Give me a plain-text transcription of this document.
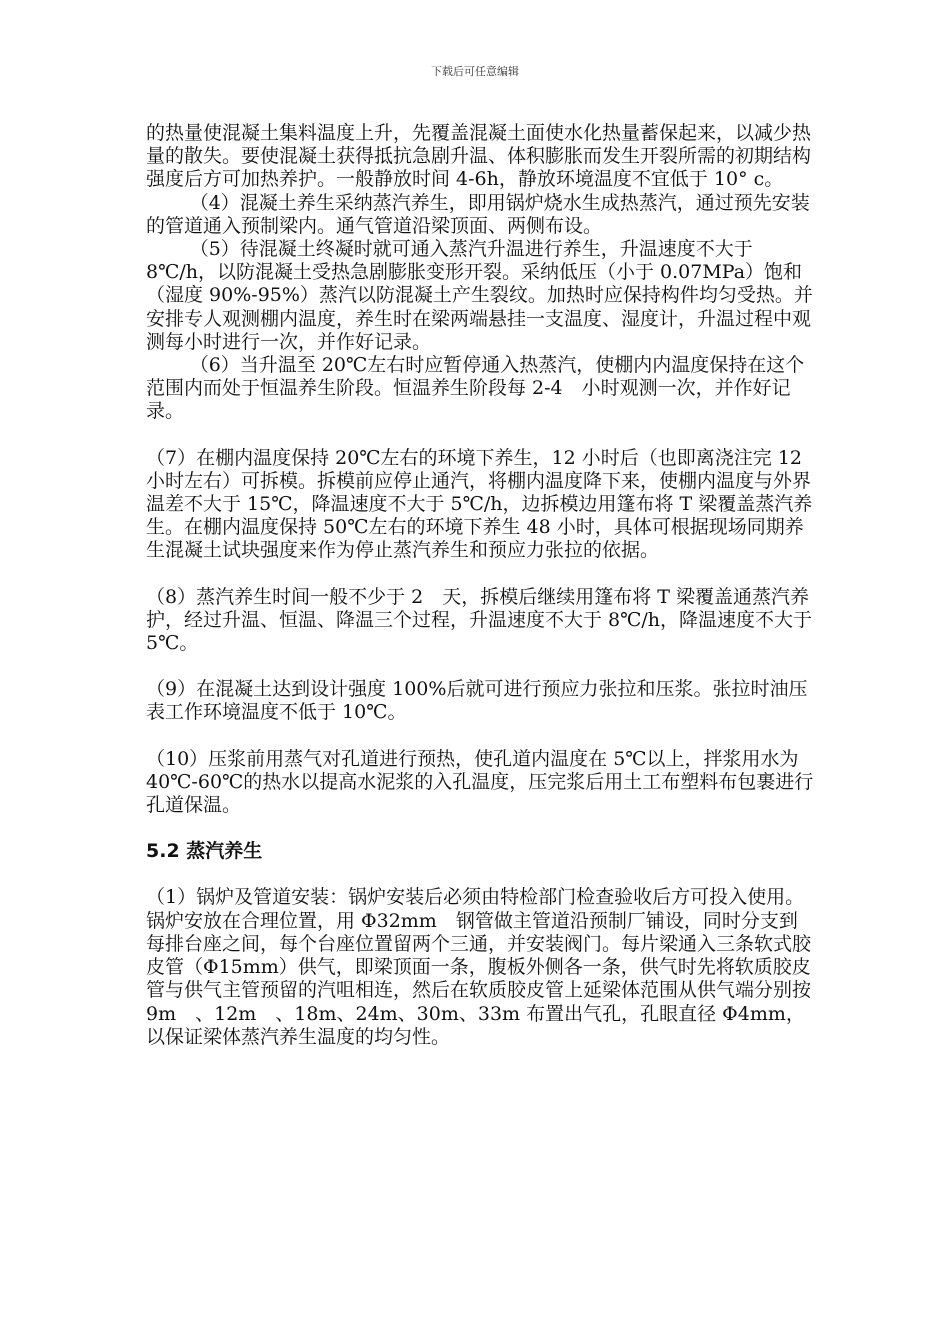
下载后可任意编辑

的热量使混凝土集料温度上升，先覆盖混凝土面使水化热量蓄保起来，以减少热量的散失。要使混凝土获得抵抗急剧升温、体积膨胀而发生开裂所需的初期结构强度后方可加热养护。一般静放时间 4-6h，静放环境温度不宜低于 10° c。

（4）混凝土养生采纳蒸汽养生，即用锅炉烧水生成热蒸汽，通过预先安装的管道通入预制梁内。通气管道沿梁顶面、两侧布设。

（5）待混凝土终凝时就可通入蒸汽升温进行养生，升温速度不大于 8℃/h，以防混凝土受热急剧膨胀变形开裂。采纳低压（小于 0.07MPa）饱和（湿度 90%-95%）蒸汽以防混凝土产生裂纹。加热时应保持构件均匀受热。并安排专人观测棚内温度，养生时在梁两端悬挂一支温度、湿度计，升温过程中观测每小时进行一次，并作好记录。

（6）当升温至 20℃左右时应暂停通入热蒸汽，使棚内内温度保持在这个范围内而处于恒温养生阶段。恒温养生阶段每 2-4　小时观测一次，并作好记录。

（7）在棚内温度保持 20℃左右的环境下养生，12 小时后（也即离浇注完 12 小时左右）可拆模。拆模前应停止通汽，将棚内温度降下来，使棚内温度与外界温差不大于 15℃，降温速度不大于 5℃/h，边拆模边用篷布将 T 梁覆盖蒸汽养生。在棚内温度保持 50℃左右的环境下养生 48 小时，具体可根据现场同期养生混凝土试块强度来作为停止蒸汽养生和预应力张拉的依据。

（8）蒸汽养生时间一般不少于 2　天，拆模后继续用篷布将 T 梁覆盖通蒸汽养护，经过升温、恒温、降温三个过程，升温速度不大于 8℃/h，降温速度不大于 5℃。

（9）在混凝土达到设计强度 100%后就可进行预应力张拉和压浆。张拉时油压表工作环境温度不低于 10℃。

（10）压浆前用蒸气对孔道进行预热，使孔道内温度在 5℃以上，拌浆用水为 40℃-60℃的热水以提高水泥浆的入孔温度，压完浆后用土工布塑料布包裹进行孔道保温。

5.2 蒸汽养生

（1）锅炉及管道安装：锅炉安装后必须由特检部门检查验收后方可投入使用。锅炉安放在合理位置，用 Φ32mm　钢管做主管道沿预制厂铺设，同时分支到每排台座之间，每个台座位置留两个三通，并安装阀门。每片梁通入三条软式胶皮管（Φ15mm）供气，即梁顶面一条，腹板外侧各一条，供气时先将软质胶皮管与供气主管预留的汽咀相连，然后在软质胶皮管上延梁体范围从供气端分别按 9m　、12m　、18m、24m、30m、33m 布置出气孔，孔眼直径 Φ4mm，以保证梁体蒸汽养生温度的均匀性。
